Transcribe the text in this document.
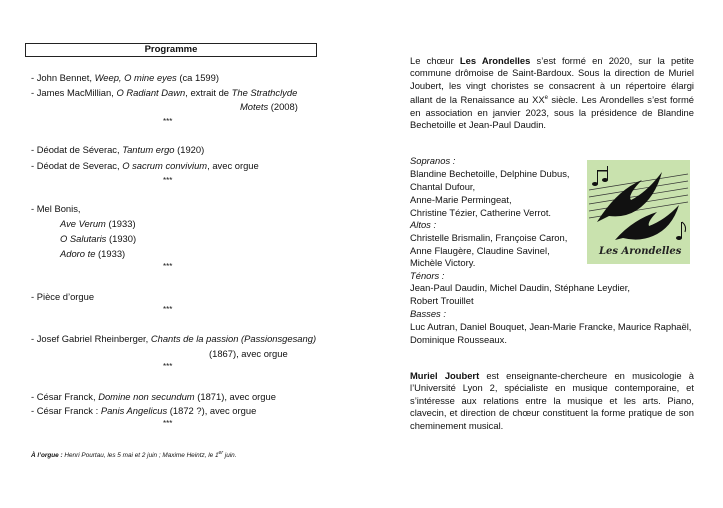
Programme
- John Bennet, Weep, O mine eyes (ca 1599)
- James MacMillian, O Radiant Dawn, extrait de The Strathclyde
Motets (2008)
***
- Déodat de Séverac, Tantum ergo (1920)
- Déodat de Severac, O sacrum convivium, avec orgue
***
- Mel Bonis,
Ave Verum (1933)
O Salutaris (1930)
Adoro te (1933)
***
- Pièce d’orgue
***
- Josef Gabriel Rheinberger, Chants de la passion (Passionsgesang)
(1867), avec orgue
***
- César Franck, Domine non secundum (1871), avec orgue
- César Franck : Panis Angelicus (1872 ?), avec orgue
***
À l’orgue : Henri Pourtau, les 5 mai et 2 juin ; Maxime Heintz, le 1er juin.
Le chœur Les Arondelles s’est formé en 2020, sur la petite commune drômoise de Saint-Bardoux. Sous la direction de Muriel Joubert, les vingt choristes se consacrent à un répertoire élargi allant de la Renaissance au XXe siècle. Les Arondelles s’est formé en association en janvier 2023, sous la présidence de Blandine Bechetoille et Jean-Paul Daudin.
Sopranos :
Blandine Bechetoille, Delphine Dubus,
Chantal Dufour,
Anne-Marie Permingeat,
Christine Tézier, Catherine Verrot.
Altos :
Christelle Brismalin, Françoise Caron,
Anne Flaugère, Claudine Savinel,
Michèle Victory.
Ténors :
Jean-Paul Daudin, Michel Daudin, Stéphane Leydier,
Robert Trouillet
Basses :
Luc Autran, Daniel Bouquet, Jean-Marie Francke, Maurice Raphaël,
Dominique Rousseaux.
Les Arondelles
Muriel Joubert est enseignante-chercheure en musicologie à l’Université Lyon 2, spécialiste en musique contemporaine, et s’intéresse aux relations entre la musique et les arts. Piano, clavecin, et direction de chœur constituent la forme pratique de son cheminement musical.
